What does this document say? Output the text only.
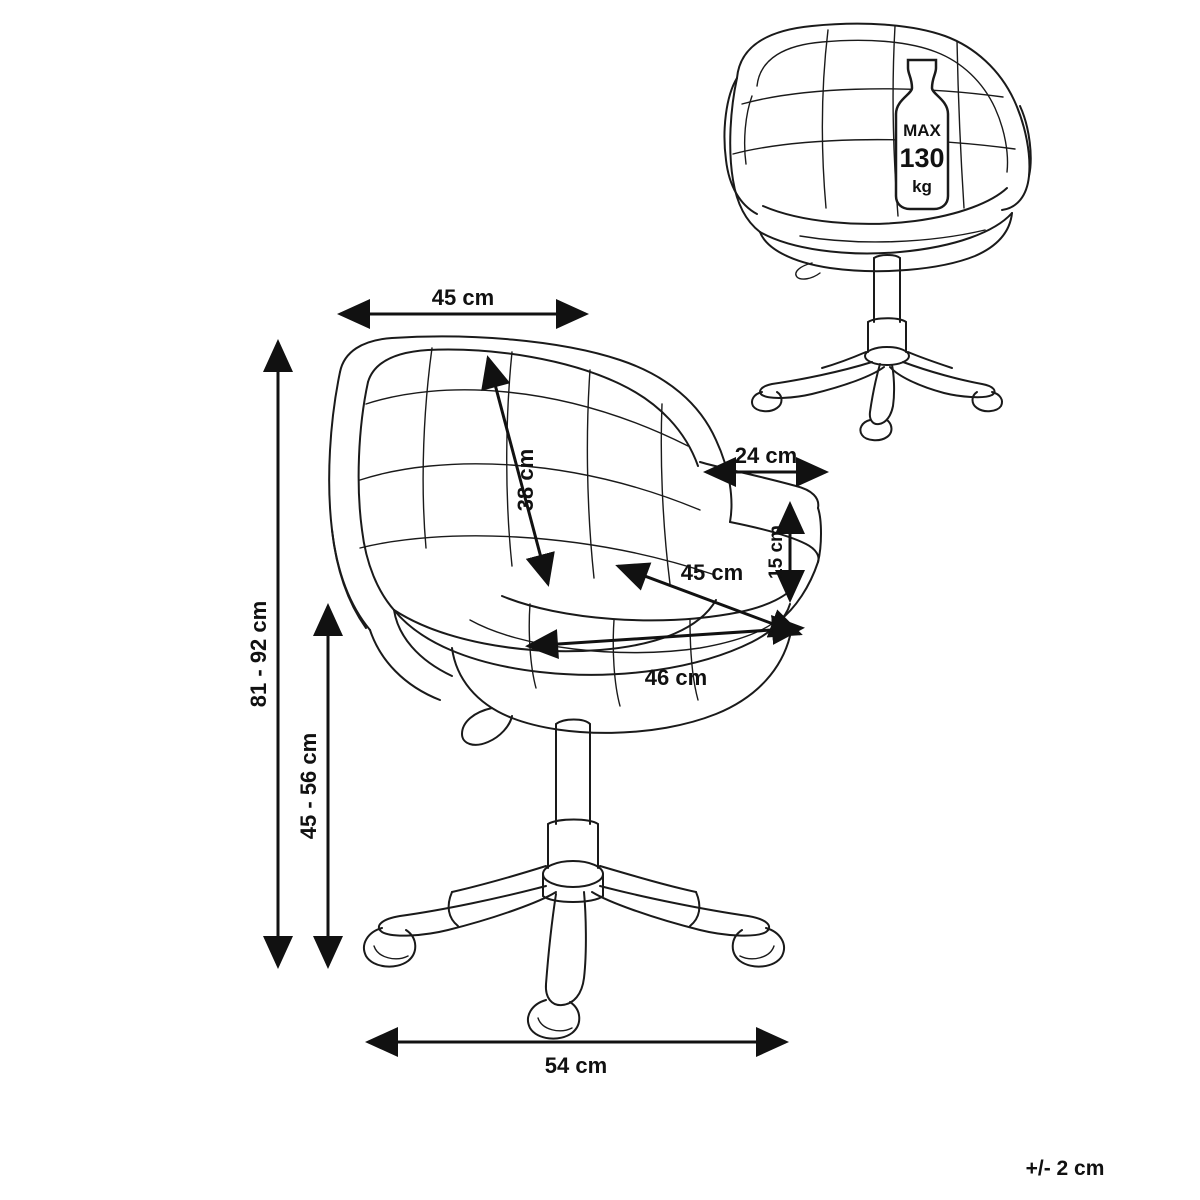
MAX
130
kg
45 cm
38 cm	24 cm
15 cm
45 cm
46 cm
81 - 92 cm
45 - 56 cm
54 cm
+/- 2 cm
